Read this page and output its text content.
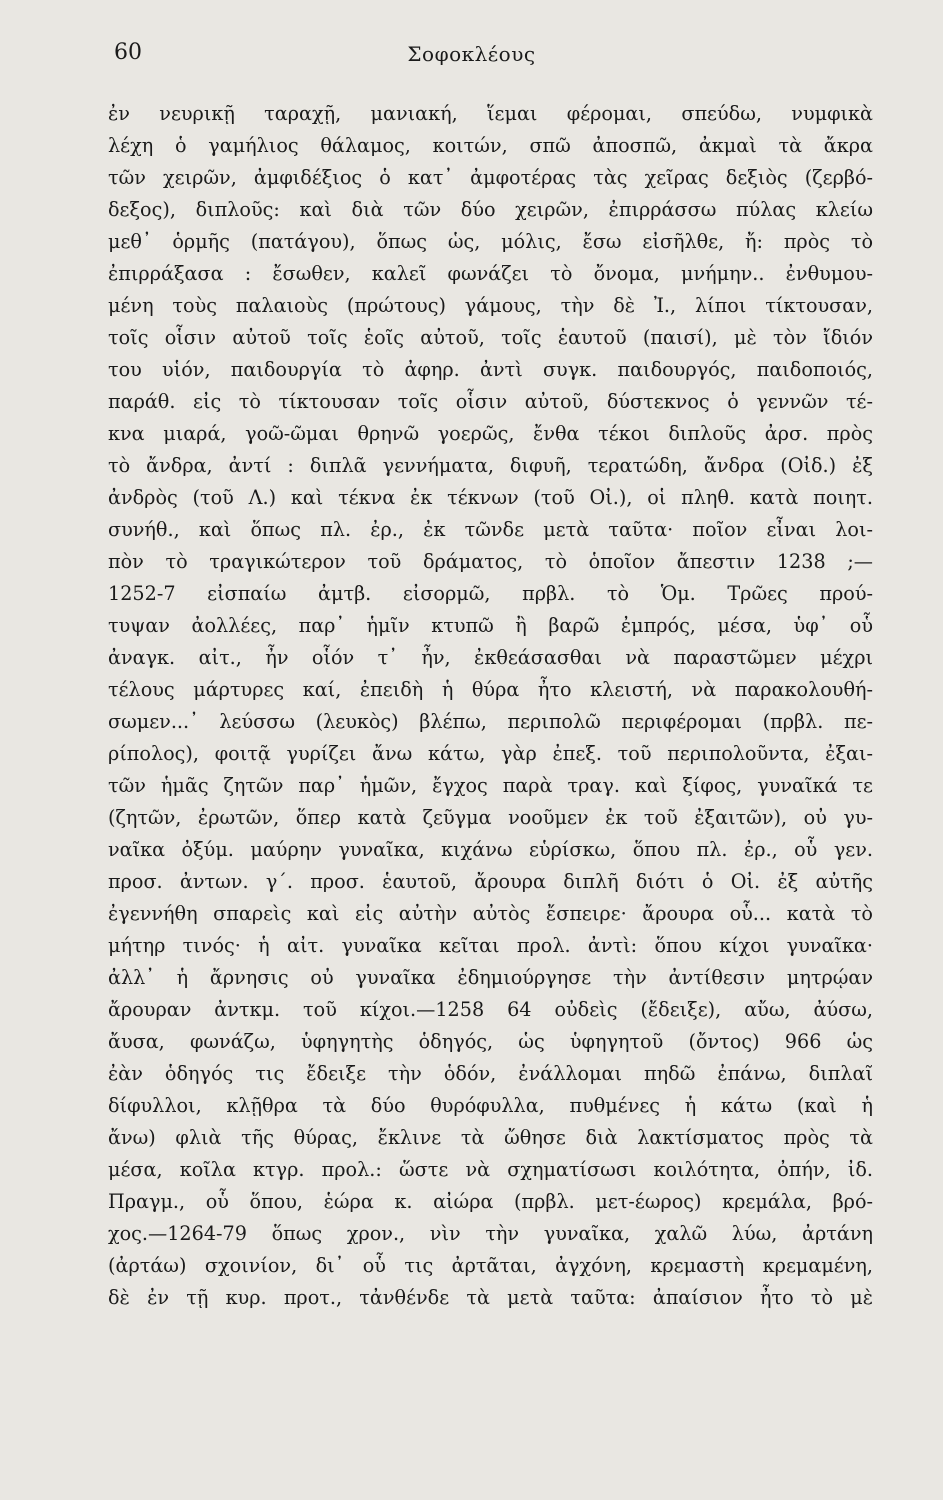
60	Σοφοκλέους
ἐν νευρικῇ ταραχῇ, μανιακή, ἵεμαι φέρομαι, σπεύδω, νυμφικὰ
λέχη ὁ γαμήλιος θάλαμος, κοιτών, σπῶ ἀποσπῶ, ἀκμαὶ τὰ ἄκρα
τῶν χειρῶν, ἀμφιδέξιος ὁ κατ᾽ ἀμφοτέρας τὰς χεῖρας δεξιὸς (ζερβό-
δεξος), διπλοῦς: καὶ διὰ τῶν δύο χειρῶν, ἐπιρράσσω πύλας κλείω
μεθ᾽ ὁρμῆς (πατάγου), ὅπως ὡς, μόλις, ἔσω εἰσῆλθε, ἤ: πρὸς τὸ
ἐπιρράξασα : ἔσωθεν, καλεῖ φωνάζει τὸ ὄνομα, μνήμην.. ἐνθυμου-
μένη τοὺς παλαιοὺς (πρώτους) γάμους, τὴν δὲ Ἰ., λίποι τίκτουσαν,
τοῖς οἷσιν αὐτοῦ τοῖς ἑοῖς αὐτοῦ, τοῖς ἑαυτοῦ (παισί), μὲ τὸν ἴδιόν
του υἱόν, παιδουργία τὸ ἀφηρ. ἀντὶ συγκ. παιδουργός, παιδοποιός,
παράθ. εἰς τὸ τίκτουσαν τοῖς οἷσιν αὐτοῦ, δύστεκνος ὁ γεννῶν τέ-
κνα μιαρά, γοῶ-ῶμαι θρηνῶ γοερῶς, ἔνθα τέκοι διπλοῦς ἀρσ. πρὸς
τὸ ἄνδρα, ἀντί : διπλᾶ γεννήματα, διφυῆ, τερατώδη, ἄνδρα (Οἰδ.) ἐξ
ἀνδρὸς (τοῦ Λ.) καὶ τέκνα ἐκ τέκνων (τοῦ Οἰ.), οἱ πληθ. κατὰ ποιητ.
συνήθ., καὶ ὅπως πλ. ἐρ., ἐκ τῶνδε μετὰ ταῦτα· ποῖον εἶναι λοι-
πὸν τὸ τραγικώτερον τοῦ δράματος, τὸ ὁποῖον ἄπεστιν 1238 ;—
1252-7 εἰσπαίω ἀμτβ. εἰσορμῶ, πρβλ. τὸ Ὁμ. Τρῶες πρού-
τυψαν ἀολλέες, παρ᾽ ἡμῖν κτυπῶ ἢ βαρῶ ἐμπρός, μέσα, ὑφ᾽ οὗ
ἀναγκ. αἰτ., ἦν οἷόν τ᾽ ἦν, ἐκθεάσασθαι νὰ παραστῶμεν μέχρι
τέλους μάρτυρες καί, ἐπειδὴ ἡ θύρα ἦτο κλειστή, νὰ παρακολουθή-
σωμεν...᾽ λεύσσω (λευκὸς) βλέπω, περιπολῶ περιφέρομαι (πρβλ. πε-
ρίπολος), φοιτᾷ γυρίζει ἄνω κάτω, γὰρ ἐπεξ. τοῦ περιπολοῦντα, ἐξαι-
τῶν ἡμᾶς ζητῶν παρ᾽ ἡμῶν, ἔγχος παρὰ τραγ. καὶ ξίφος, γυναῖκά τε
(ζητῶν, ἐρωτῶν, ὅπερ κατὰ ζεῦγμα νοοῦμεν ἐκ τοῦ ἐξαιτῶν), οὐ γυ-
ναῖκα ὀξύμ. μαύρην γυναῖκα, κιχάνω εὑρίσκω, ὅπου πλ. ἐρ., οὗ γεν.
προσ. ἀντων. γ΄. προσ. ἑαυτοῦ, ἄρουρα διπλῆ διότι ὁ Οἰ. ἐξ αὐτῆς
ἐγεννήθη σπαρεὶς καὶ εἰς αὐτὴν αὐτὸς ἔσπειρε· ἄρουρα οὗ... κατὰ τὸ
μήτηρ τινός· ἡ αἰτ. γυναῖκα κεῖται προλ. ἀντὶ: ὅπου κίχοι γυναῖκα·
ἀλλ᾽ ἡ ἄρνησις οὐ γυναῖκα ἐδημιούργησε τὴν ἀντίθεσιν μητρῴαν
ἄρουραν ἀντκμ. τοῦ κίχοι.—1258 64 οὐδεὶς (ἔδειξε), αὔω, ἀύσω,
ἄυσα, φωνάζω, ὑφηγητὴς ὁδηγός, ὡς ὑφηγητοῦ (ὄντος) 966 ὡς
ἐὰν ὁδηγός τις ἔδειξε τὴν ὁδόν, ἐνάλλομαι πηδῶ ἐπάνω, διπλαῖ
δίφυλλοι, κλῇθρα τὰ δύο θυρόφυλλα, πυθμένες ἡ κάτω (καὶ ἡ
ἄνω) φλιὰ τῆς θύρας, ἔκλινε τὰ ὤθησε διὰ λακτίσματος πρὸς τὰ
μέσα, κοῖλα κτγρ. προλ.: ὥστε νὰ σχηματίσωσι κοιλότητα, ὀπήν, ἰδ.
Πραγμ., οὗ ὅπου, ἑώρα κ. αἰώρα (πρβλ. μετ-έωρος) κρεμάλα, βρό-
χος.—1264-79 ὅπως χρον., νὶν τὴν γυναῖκα, χαλῶ λύω, ἀρτάνη
(ἀρτάω) σχοινίον, δι᾽ οὗ τις ἀρτᾶται, ἀγχόνη, κρεμαστὴ κρεμαμένη,
δὲ ἐν τῇ κυρ. προτ., τἀνθένδε τὰ μετὰ ταῦτα: ἀπαίσιον ἦτο τὸ μὲ
